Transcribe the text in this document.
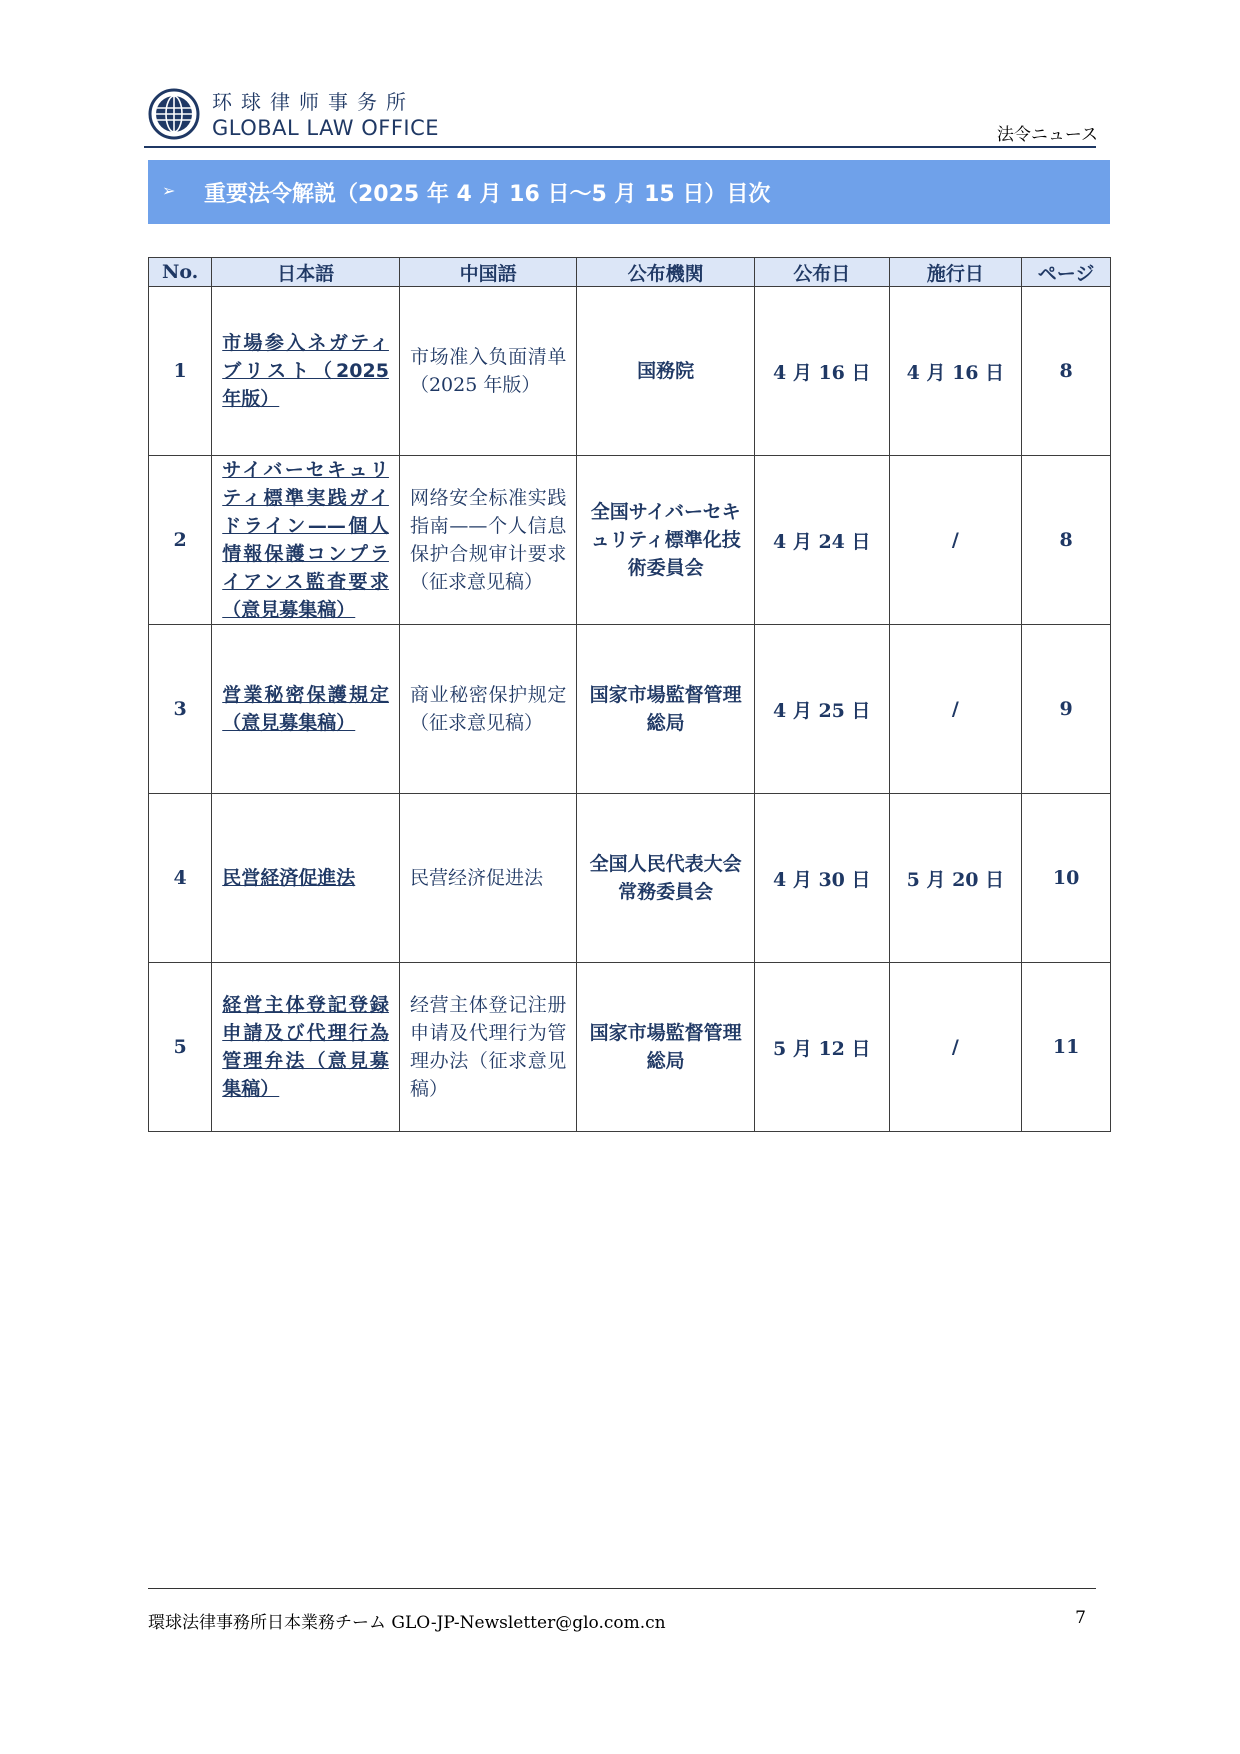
环球律师事务所
GLOBAL LAW OFFICE	法令ニュース
➢ 重要法令解説（2025 年 4 月 16 日～5 月 15 日）目次
No.	日本語	中国語	公布機関	公布日	施行日	ページ
1	市場参入ネガティブリスト（2025 年版）	市场准入负面清单 （2025 年版）	国務院	4 月 16 日	4 月 16 日	8
2	サイバーセキュリティ標準実践ガイドライン——個人情報保護コンプライアンス監査要求（意見募集稿）	网络安全标准实践指南——个人信息保护合规审计要求（征求意见稿）	全国サイバーセキュリティ標準化技術委員会	4 月 24 日	/	8
3	営業秘密保護規定（意見募集稿）	商业秘密保护规定（征求意见稿）	国家市場監督管理総局	4 月 25 日	/	9
4	民営経済促進法	民营经济促进法	全国人民代表大会常務委員会	4 月 30 日	5 月 20 日	10
5	経営主体登記登録申請及び代理行為管理弁法（意見募集稿）	经营主体登记注册申请及代理行为管理办法（征求意见稿）	国家市場監督管理総局	5 月 12 日	/	11
環球法律事務所日本業務チーム GLO-JP-Newsletter@glo.com.cn	7
